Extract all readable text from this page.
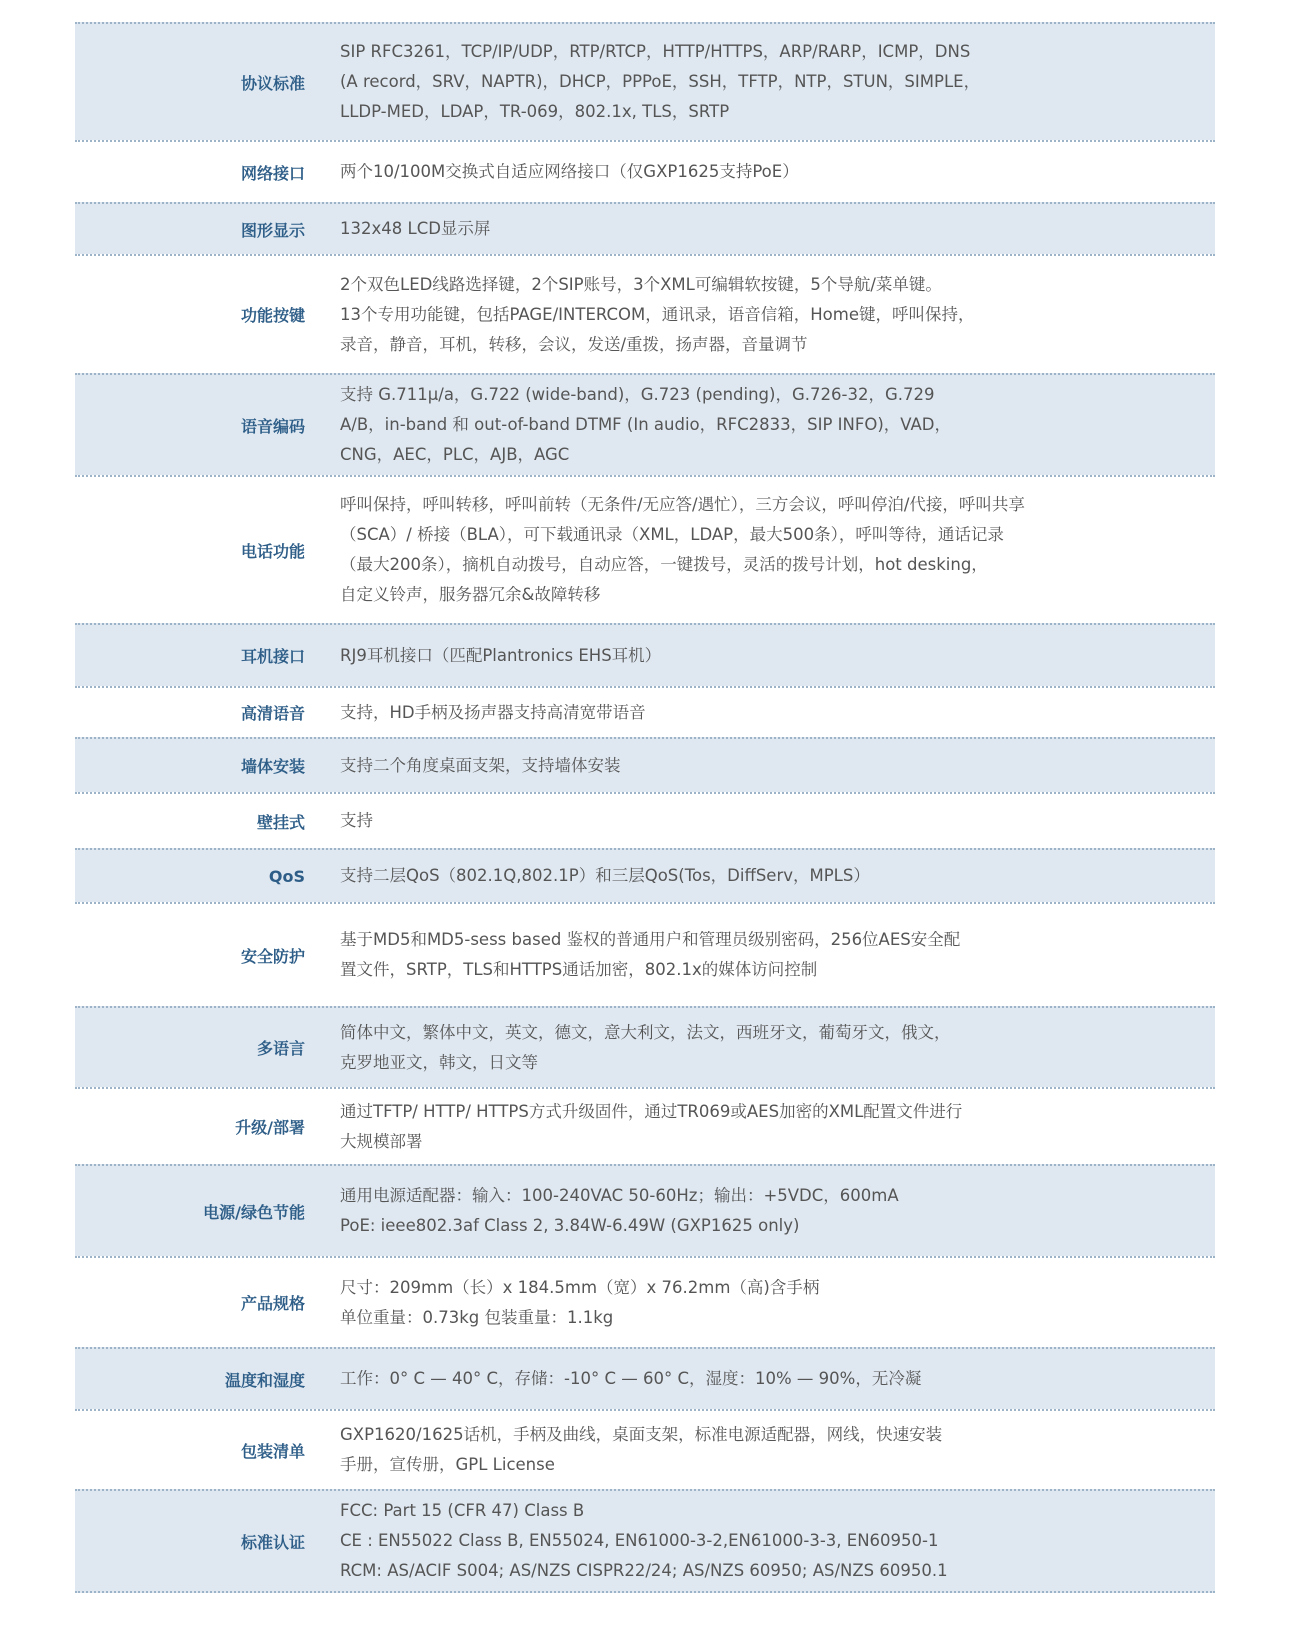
协议标准
SIP RFC3261，TCP/IP/UDP，RTP/RTCP，HTTP/HTTPS，ARP/RARP，ICMP，DNS
(A record，SRV，NAPTR)，DHCP，PPPoE，SSH，TFTP，NTP，STUN，SIMPLE，
LLDP-MED，LDAP，TR-069，802.1x, TLS，SRTP
网络接口 两个10/100M交换式自适应网络接口（仅GXP1625支持PoE）
图形显示 132x48 LCD显示屏
功能按键
2个双色LED线路选择键，2个SIP账号，3个XML可编辑软按键，5个导航/菜单键。
13个专用功能键，包括PAGE/INTERCOM，通讯录，语音信箱，Home键，呼叫保持，
录音，静音，耳机，转移，会议，发送/重拨，扬声器，音量调节
语音编码
支持 G.711μ/a，G.722 (wide-band)，G.723 (pending)，G.726-32，G.729
A/B，in-band 和 out-of-band DTMF (In audio，RFC2833，SIP INFO)，VAD，
CNG，AEC，PLC，AJB，AGC
电话功能
呼叫保持，呼叫转移，呼叫前转（无条件/无应答/遇忙），三方会议，呼叫停泊/代接，呼叫共享
（SCA）/ 桥接（BLA），可下载通讯录（XML，LDAP，最大500条），呼叫等待，通话记录
（最大200条），摘机自动拨号，自动应答，一键拨号，灵活的拨号计划，hot desking，
自定义铃声，服务器冗余&故障转移
耳机接口 RJ9耳机接口（匹配Plantronics EHS耳机）
高清语音 支持，HD手柄及扬声器支持高清宽带语音
墙体安装 支持二个角度桌面支架，支持墙体安装
壁挂式 支持
QoS 支持二层QoS（802.1Q,802.1P）和三层QoS(Tos，DiffServ，MPLS）
安全防护
基于MD5和MD5-sess based 鉴权的普通用户和管理员级别密码，256位AES安全配
置文件，SRTP，TLS和HTTPS通话加密，802.1x的媒体访问控制
多语言
简体中文，繁体中文，英文，德文，意大利文，法文，西班牙文，葡萄牙文，俄文，
克罗地亚文，韩文，日文等
升级/部署
通过TFTP/ HTTP/ HTTPS方式升级固件，通过TR069或AES加密的XML配置文件进行
大规模部署
电源/绿色节能
通用电源适配器：输入：100-240VAC 50-60Hz；输出：+5VDC，600mA
PoE: ieee802.3af Class 2, 3.84W-6.49W (GXP1625 only)
产品规格
尺寸：209mm（长）x 184.5mm（宽）x 76.2mm（高)含手柄
单位重量：0.73kg 包装重量：1.1kg
温度和湿度 工作：0° C — 40° C，存储：-10° C — 60° C，湿度：10% — 90%，无冷凝
包装清单
GXP1620/1625话机，手柄及曲线，桌面支架，标准电源适配器，网线，快速安装
手册，宣传册，GPL License
标准认证
FCC: Part 15 (CFR 47) Class B
CE : EN55022 Class B, EN55024, EN61000-3-2,EN61000-3-3, EN60950-1
RCM: AS/ACIF S004; AS/NZS CISPR22/24; AS/NZS 60950; AS/NZS 60950.1
